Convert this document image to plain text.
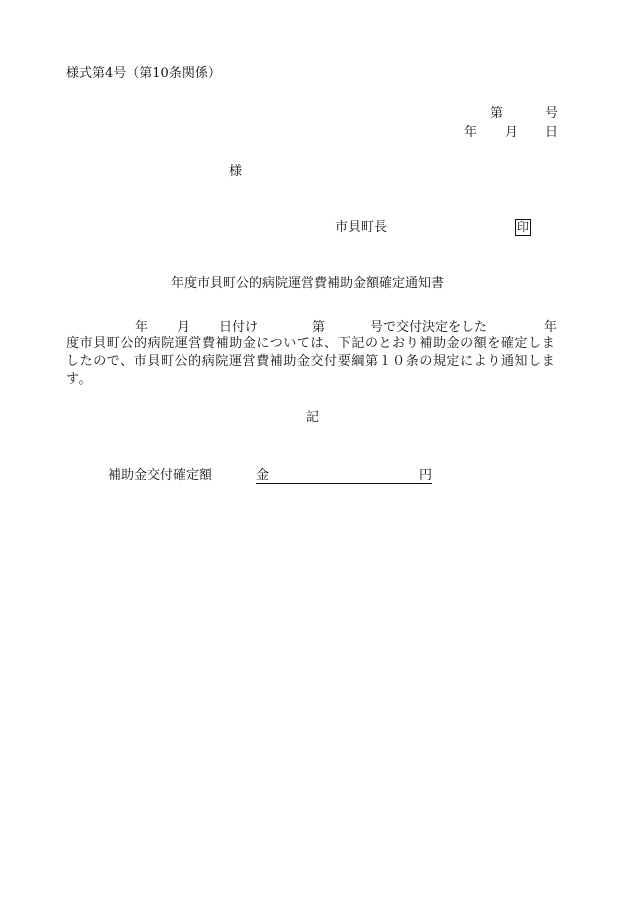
様式第4号（第10条関係）
第	号
年 月 日
様
市貝町長	印
年度市貝町公的病院運営費補助金額確定通知書
年 月 日付け	第	号で交付決定をした	年
度市貝町公的病院運営費補助金については、下記のとおり補助金の額を確定しましたので、市貝町公的病院運営費補助金交付要綱第１０条の規定により通知します。
記
補助金交付確定額	金	円
